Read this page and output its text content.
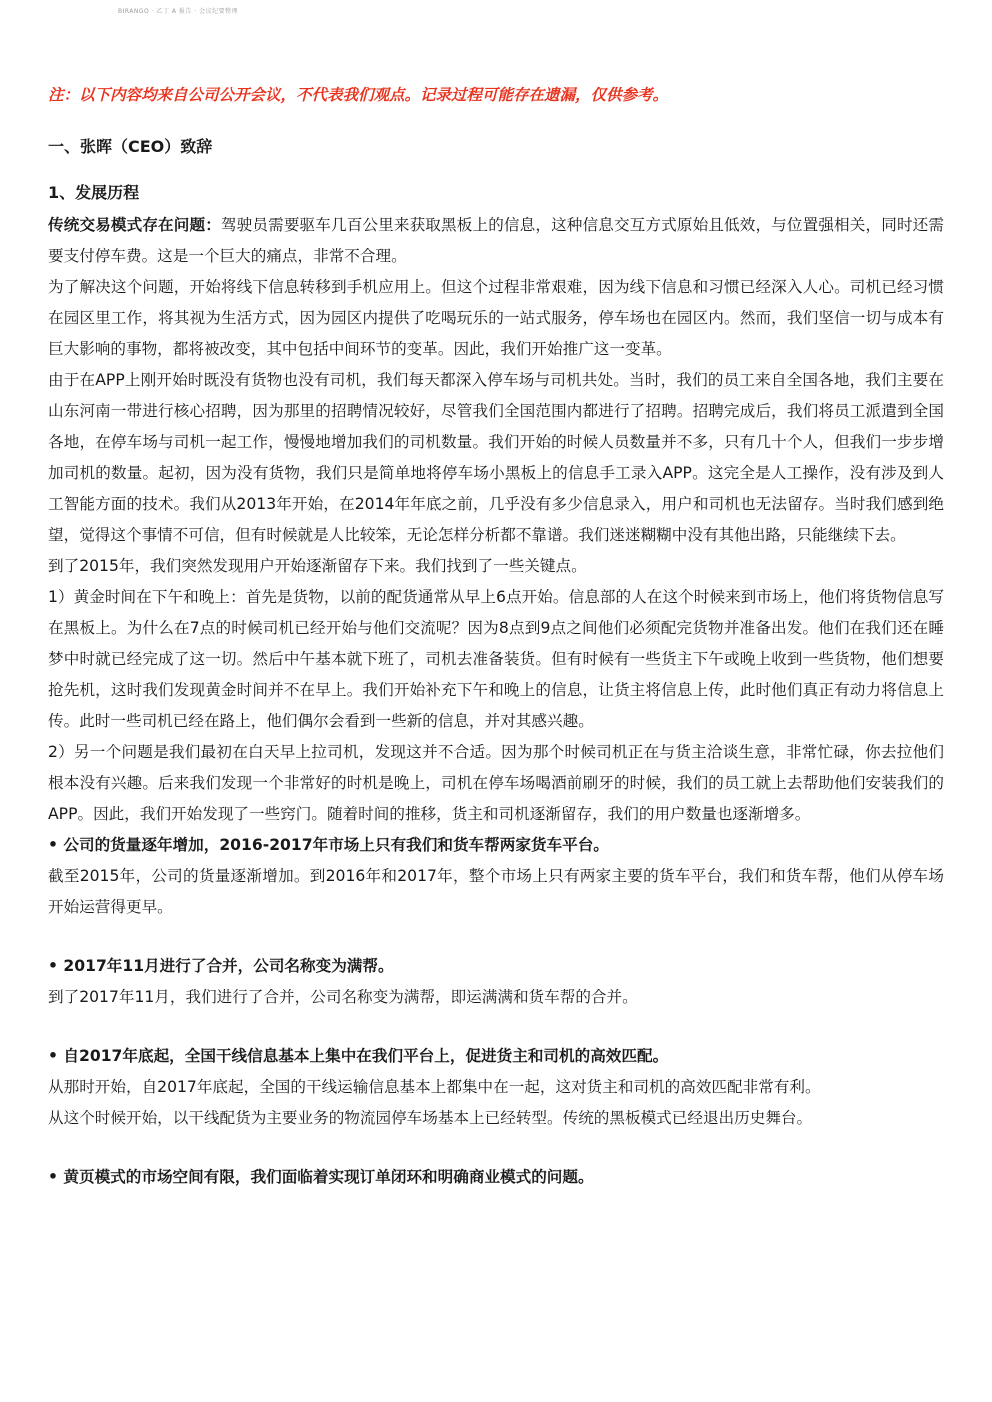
BIRANGO · 乙丁 A 报告 · 会议纪要整理
注：以下内容均来自公司公开会议，不代表我们观点。记录过程可能存在遗漏，仅供参考。
一、张晖（CEO）致辞
1、发展历程

传统交易模式存在问题：驾驶员需要驱车几百公里来获取黑板上的信息，这种信息交互方式原始且低效，与位置强相关，同时还需要支付停车费。这是一个巨大的痛点，非常不合理。

为了解决这个问题，开始将线下信息转移到手机应用上。但这个过程非常艰难，因为线下信息和习惯已经深入人心。司机已经习惯在园区里工作，将其视为生活方式，因为园区内提供了吃喝玩乐的一站式服务，停车场也在园区内。然而，我们坚信一切与成本有巨大影响的事物，都将被改变，其中包括中间环节的变革。因此，我们开始推广这一变革。

由于在APP上刚开始时既没有货物也没有司机，我们每天都深入停车场与司机共处。当时，我们的员工来自全国各地，我们主要在山东河南一带进行核心招聘，因为那里的招聘情况较好，尽管我们全国范围内都进行了招聘。招聘完成后，我们将员工派遣到全国各地，在停车场与司机一起工作，慢慢地增加我们的司机数量。我们开始的时候人员数量并不多，只有几十个人，但我们一步步增加司机的数量。起初，因为没有货物，我们只是简单地将停车场小黑板上的信息手工录入APP。这完全是人工操作，没有涉及到人工智能方面的技术。我们从2013年开始，在2014年年底之前，几乎没有多少信息录入，用户和司机也无法留存。当时我们感到绝望，觉得这个事情不可信，但有时候就是人比较笨，无论怎样分析都不靠谱。我们迷迷糊糊中没有其他出路，只能继续下去。

到了2015年，我们突然发现用户开始逐渐留存下来。我们找到了一些关键点。

1）黄金时间在下午和晚上：首先是货物，以前的配货通常从早上6点开始。信息部的人在这个时候来到市场上，他们将货物信息写在黑板上。为什么在7点的时候司机已经开始与他们交流呢？因为8点到9点之间他们必须配完货物并准备出发。他们在我们还在睡梦中时就已经完成了这一切。然后中午基本就下班了，司机去准备装货。但有时候有一些货主下午或晚上收到一些货物，他们想要抢先机，这时我们发现黄金时间并不在早上。我们开始补充下午和晚上的信息，让货主将信息上传，此时他们真正有动力将信息上传。此时一些司机已经在路上，他们偶尔会看到一些新的信息，并对其感兴趣。

2）另一个问题是我们最初在白天早上拉司机，发现这并不合适。因为那个时候司机正在与货主洽谈生意，非常忙碌，你去拉他们根本没有兴趣。后来我们发现一个非常好的时机是晚上，司机在停车场喝酒前刷牙的时候，我们的员工就上去帮助他们安装我们的APP。因此，我们开始发现了一些窍门。随着时间的推移，货主和司机逐渐留存，我们的用户数量也逐渐增多。

• 公司的货量逐年增加，2016-2017年市场上只有我们和货车帮两家货车平台。

截至2015年，公司的货量逐渐增加。到2016年和2017年，整个市场上只有两家主要的货车平台，我们和货车帮，他们从停车场开始运营得更早。

• 2017年11月进行了合并，公司名称变为满帮。

到了2017年11月，我们进行了合并，公司名称变为满帮，即运满满和货车帮的合并。

• 自2017年底起，全国干线信息基本上集中在我们平台上，促进货主和司机的高效匹配。

从那时开始，自2017年底起，全国的干线运输信息基本上都集中在一起，这对货主和司机的高效匹配非常有利。

从这个时候开始，以干线配货为主要业务的物流园停车场基本上已经转型。传统的黑板模式已经退出历史舞台。

• 黄页模式的市场空间有限，我们面临着实现订单闭环和明确商业模式的问题。
